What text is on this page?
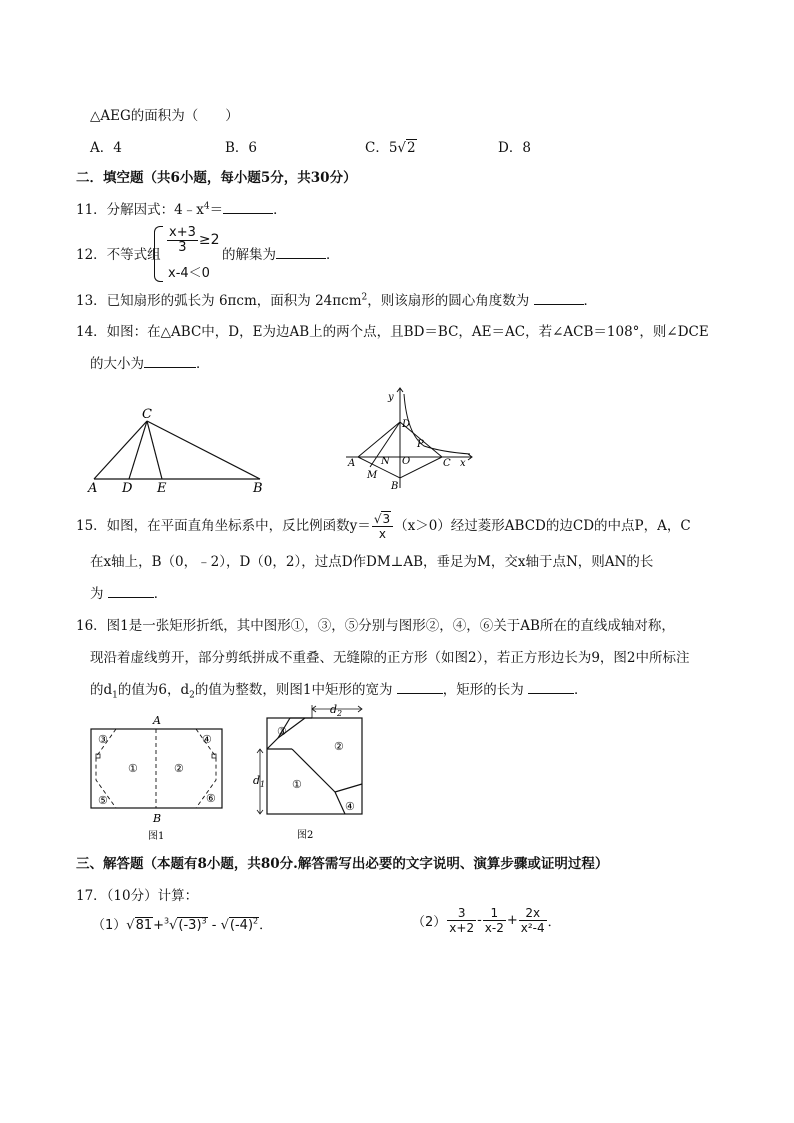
△AEG的面积为（　　）
A．4	B．6	C．5√2	D．8
二．填空题（共6小题，每小题5分，共30分）
11．分解因式：$4﹣x^4=$	．
12．不等式组 $\frac{x+3}{3} \ge 2$
x-4＜0
的解集为	．
13．已知扇形的弧长为 6πcm，面积为 24πcm$^2$，则该扇形的圆心角度数为	．
14．如图：在△ABC中，D，E为边AB上的两个点，且BD＝BC，AE＝AC，若∠ACB＝108°，则∠DCE
的大小为	．
C
A D E	B
y
x
D
P
A	N O	C
M
B
15．如图，在平面直角坐标系中，反比例函数$y= \frac{√3}{x} (x>0)$经过菱形ABCD的边CD的中点P，A，C
在x轴上，B（0，﹣2），D（0，2），过点D作DM⊥AB，垂足为M，交x轴于点N，则AN的长
为	．
16．图1是一张矩形折纸，其中图形①，③，⑤分别与图形②，④，⑥关于AB所在的直线成轴对称，
现沿着虚线剪开，部分剪纸拼成不重叠、无缝隙的正方形（如图2），若正方形边长为9，图2中所标注
的$d_1$的值为6，$d_2$的值为整数，则图1中矩形的宽为	，矩形的长为	．
A
B
③	④
①	②
⑤	⑥
图1
$d_2$
$d_1$
③
②
①
④
图2
三、解答题（本题有8小题，共80分.解答需写出必要的文字说明、演算步骤或证明过程）
17．（10分）计算：
$(1)√81+^3√(-3)^3 - √(-4)^2$．	$(2) \frac{3}{x+2} - \frac{1}{x-2} + \frac{2x}{\text{x²-4}}$ ．
